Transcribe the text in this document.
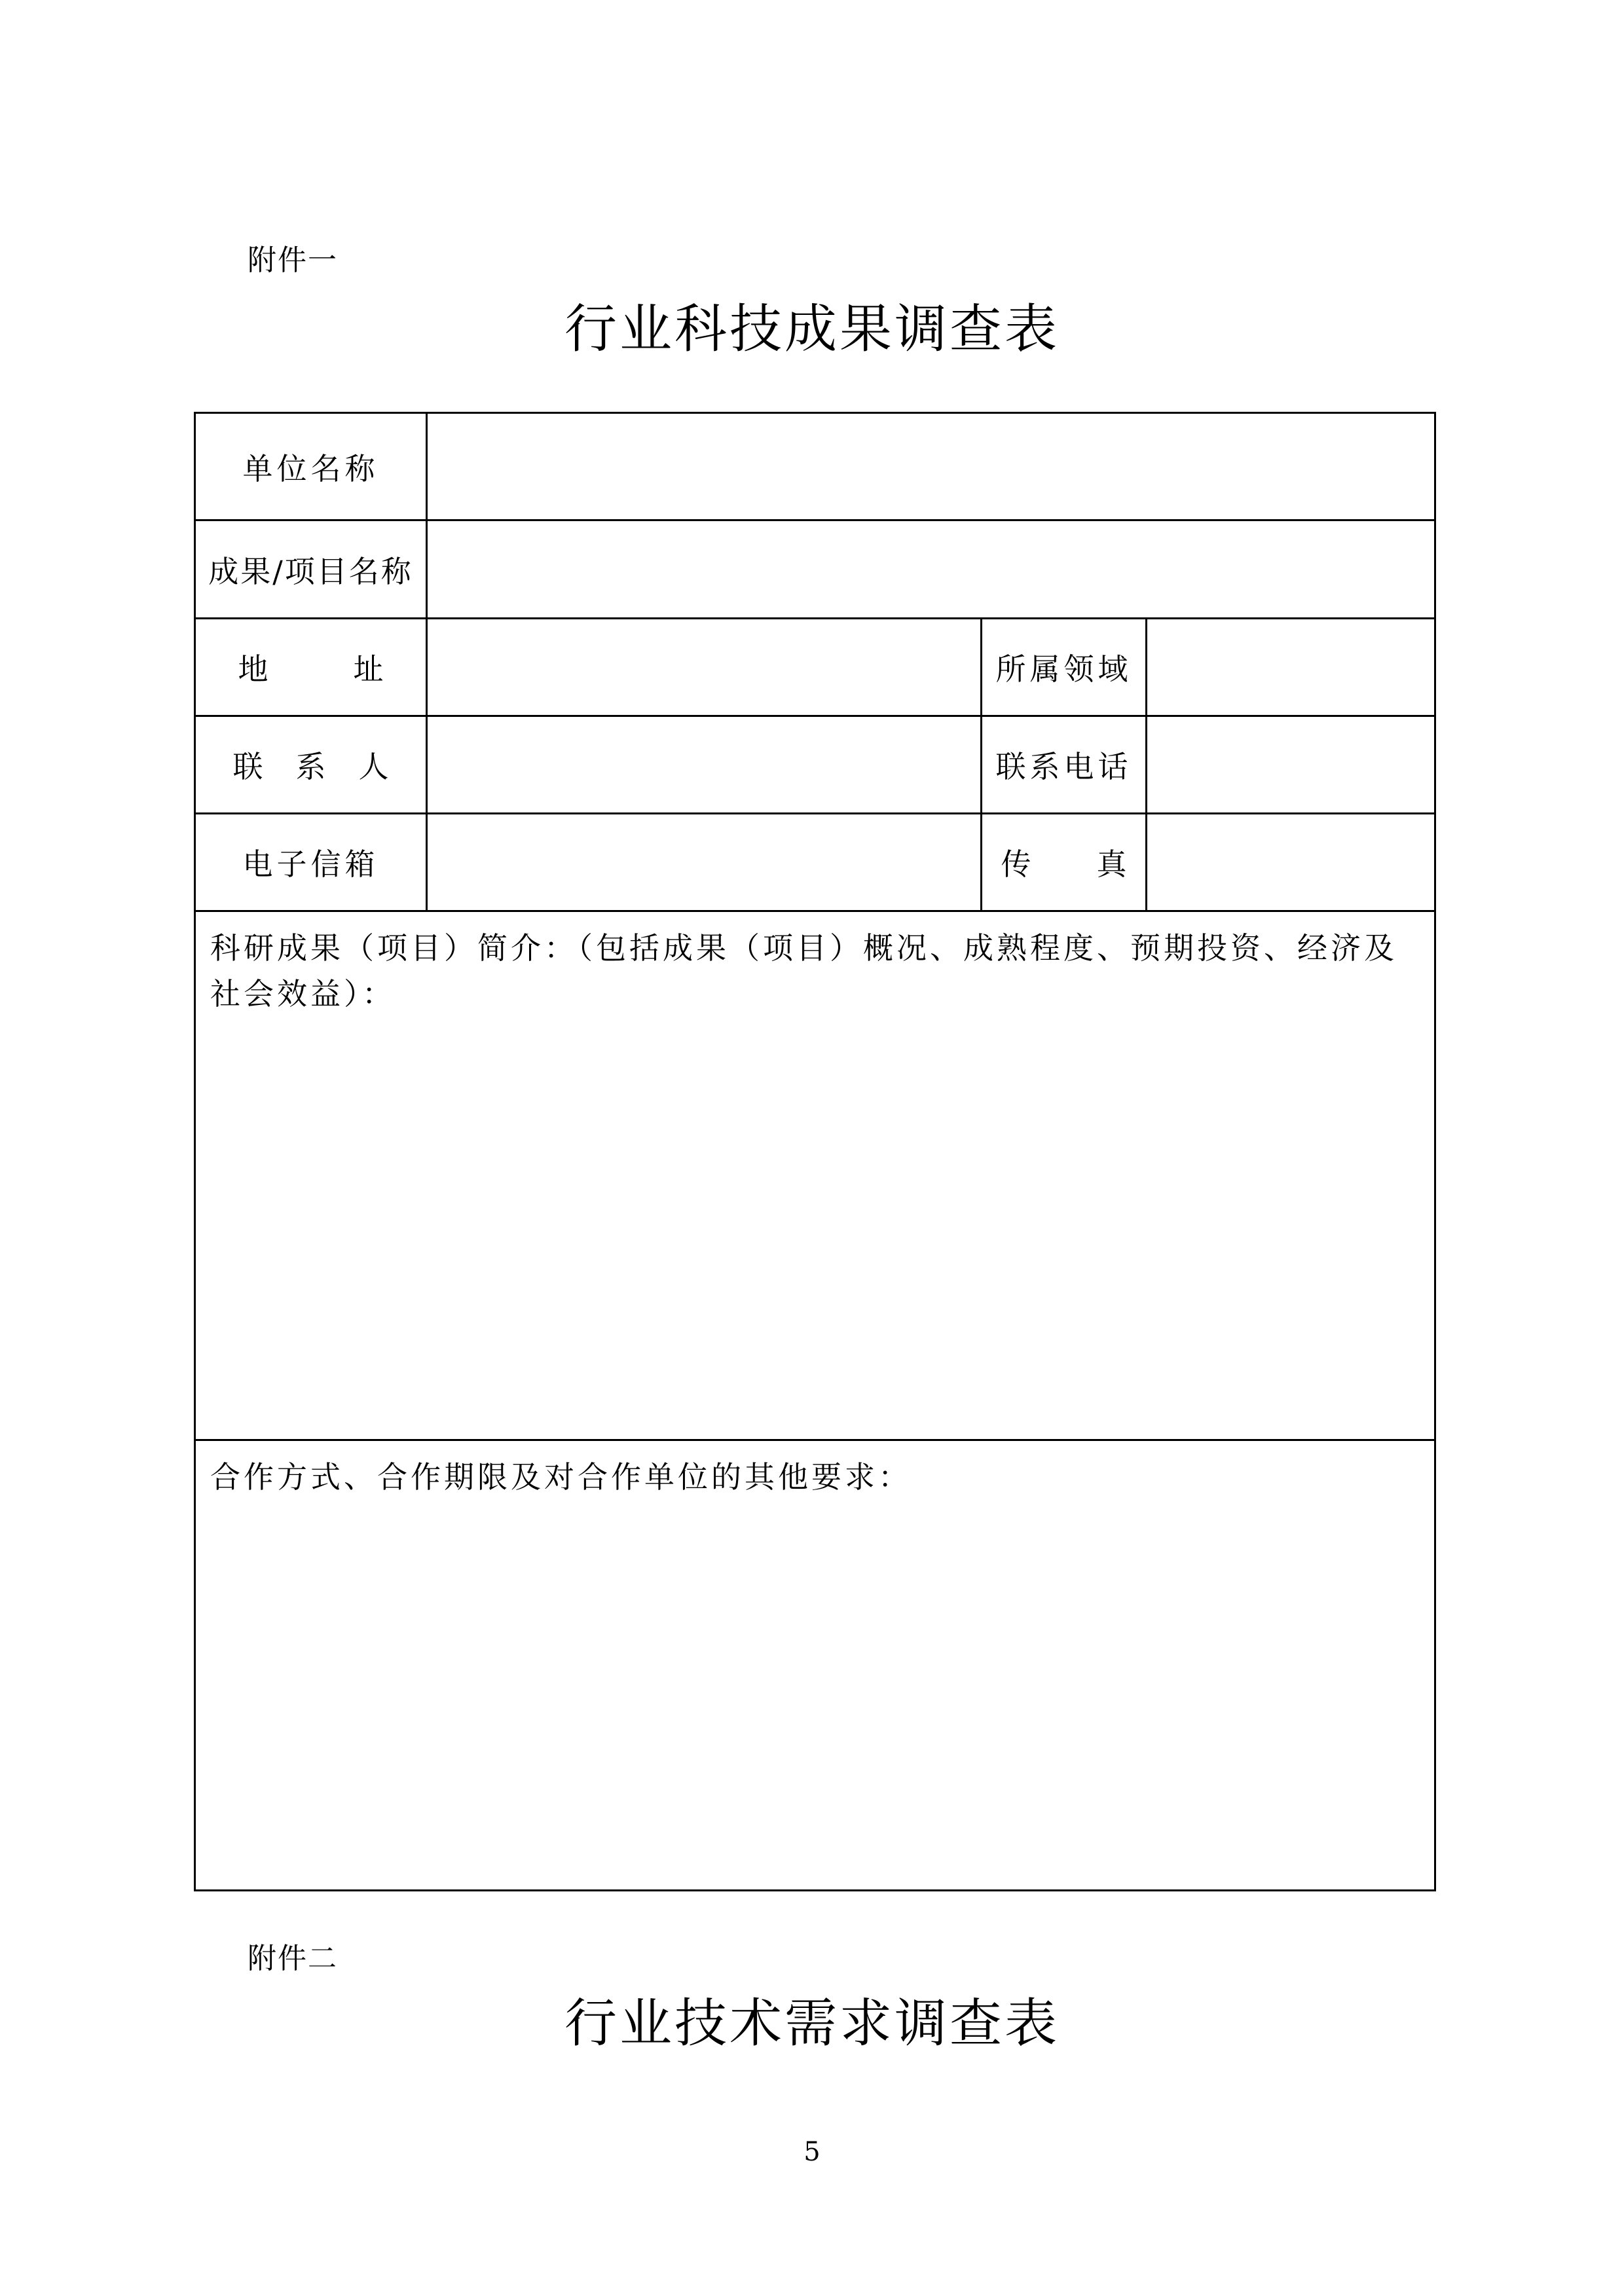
附件一
行业科技成果调查表
单位名称			
成果/项目名称			
地 址		所属领域	
联 系 人		联系电话	
电子信箱		传 真	

科研成果（项目）简介：（包括成果（项目）概况、成熟程度、预期投资、经济及社会效益）：			

合作方式、合作期限及对合作单位的其他要求：			
附件二
行业技术需求调查表
5
